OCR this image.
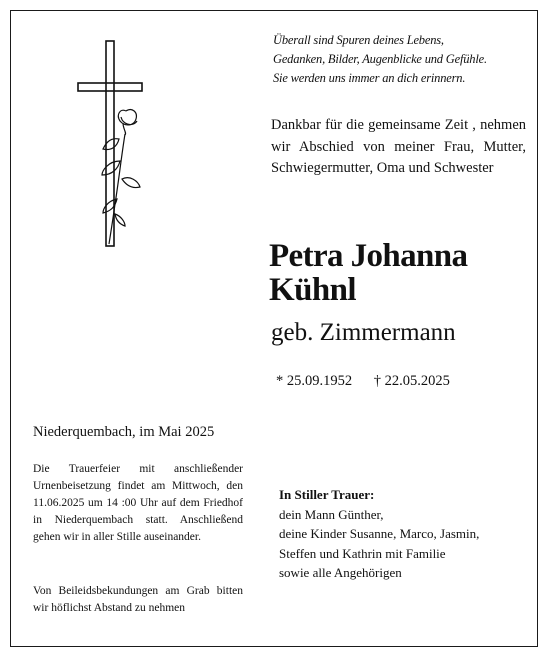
Überall sind Spuren deines Lebens,
Gedanken, Bilder, Augenblicke und Gefühle.
Sie werden uns immer an dich erinnern.
Dankbar für die gemeinsame Zeit , nehmen wir Abschied von meiner Frau, Mutter, Schwiegermutter, Oma und Schwester
Petra Johanna
Kühnl
geb. Zimmermann
* 25.09.1952 † 22.05.2025
Niederquembach, im Mai 2025
Die Trauerfeier mit anschließender Urnenbeisetzung findet am Mittwoch, den 11.06.2025 um 14 :00 Uhr auf dem Friedhof in Niederquembach statt. Anschließend gehen wir in aller Stille auseinander.
Von Beileidsbekundungen am Grab bitten wir höflichst Abstand zu nehmen
In Stiller Trauer:
dein Mann Günther,
deine Kinder Susanne, Marco, Jasmin,
Steffen und Kathrin mit Familie
sowie alle Angehörigen
